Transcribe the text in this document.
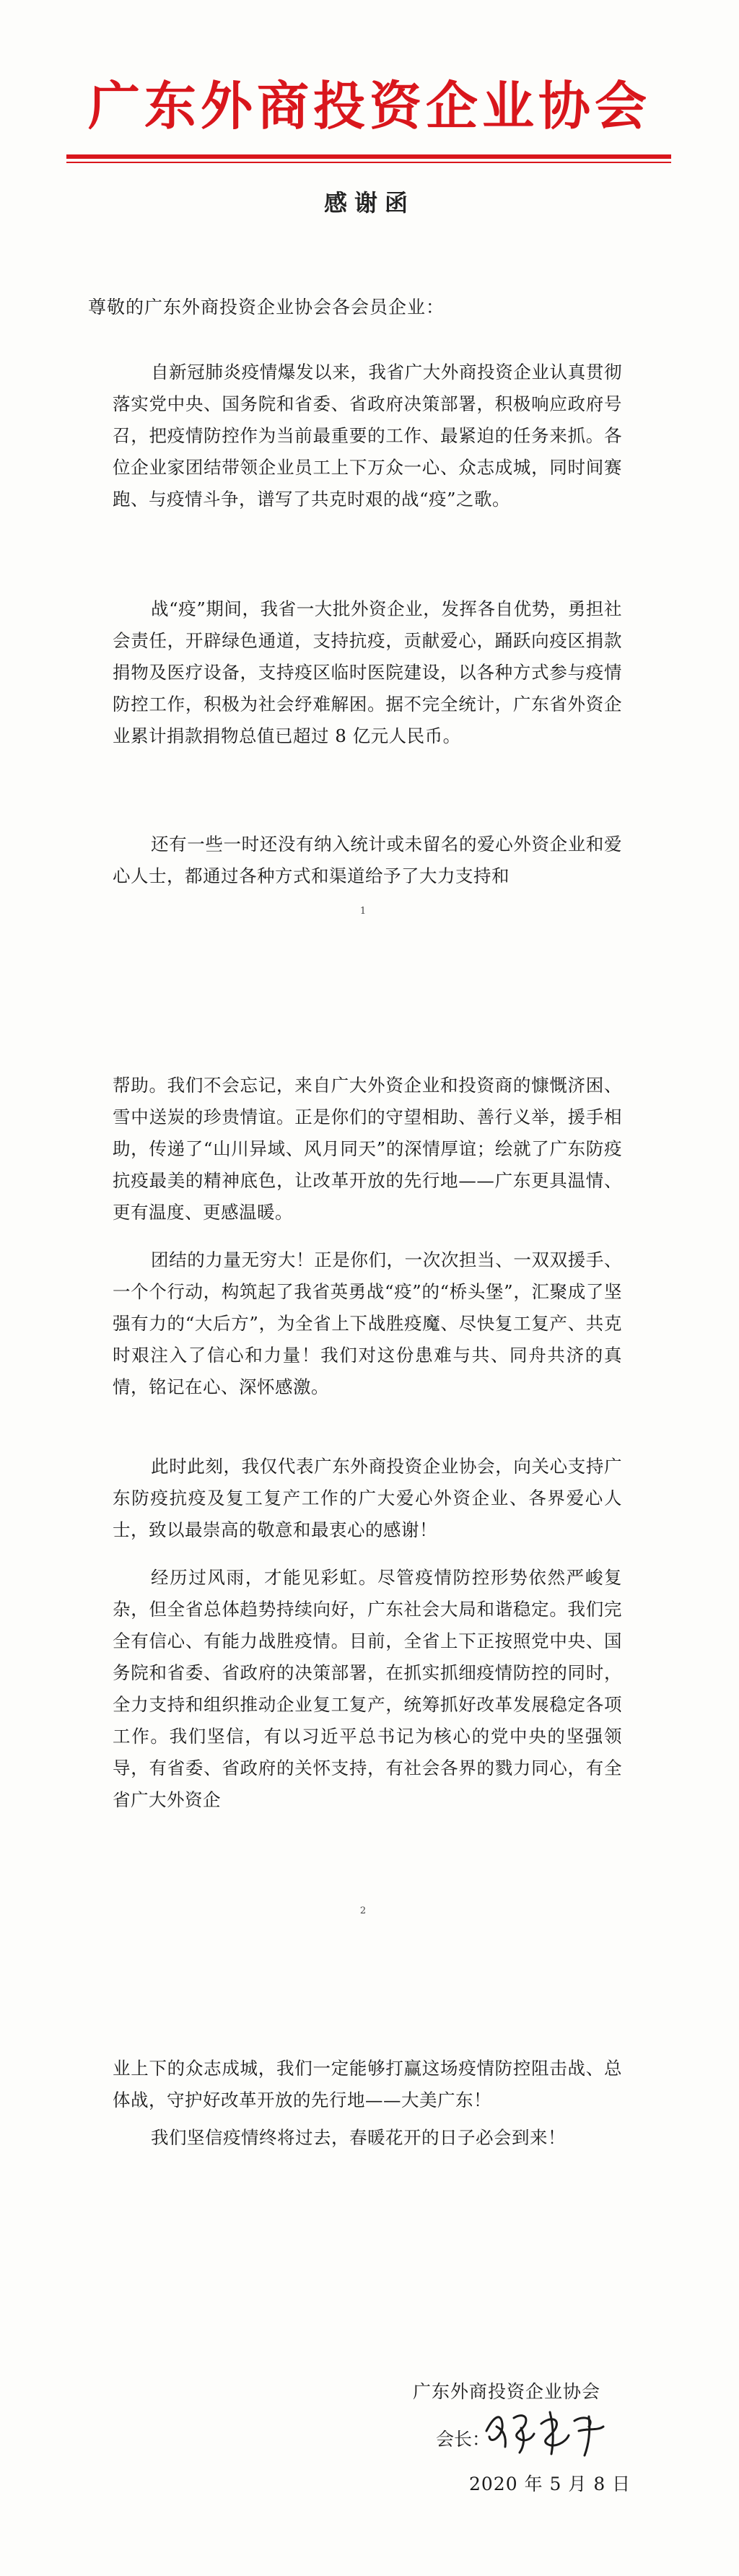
广东外商投资企业协会
感谢函
尊敬的广东外商投资企业协会各会员企业：

自新冠肺炎疫情爆发以来，我省广大外商投资企业认真贯彻落实党中央、国务院和省委、省政府决策部署，积极响应政府号召，把疫情防控作为当前最重要的工作、最紧迫的任务来抓。各位企业家团结带领企业员工上下万众一心、众志成城，同时间赛跑、与疫情斗争，谱写了共克时艰的战“疫”之歌。

战“疫”期间，我省一大批外资企业，发挥各自优势，勇担社会责任，开辟绿色通道，支持抗疫，贡献爱心，踊跃向疫区捐款捐物及医疗设备，支持疫区临时医院建设，以各种方式参与疫情防控工作，积极为社会纾难解困。据不完全统计，广东省外资企业累计捐款捐物总值已超过 8 亿元人民币。

还有一些一时还没有纳入统计或未留名的爱心外资企业和爱心人士，都通过各种方式和渠道给予了大力支持和

1

帮助。我们不会忘记，来自广大外资企业和投资商的慷慨济困、雪中送炭的珍贵情谊。正是你们的守望相助、善行义举，援手相助，传递了“山川异域、风月同天”的深情厚谊；绘就了广东防疫抗疫最美的精神底色，让改革开放的先行地——广东更具温情、更有温度、更感温暖。

团结的力量无穷大！正是你们，一次次担当、一双双援手、一个个行动，构筑起了我省英勇战“疫”的“桥头堡”，汇聚成了坚强有力的“大后方”，为全省上下战胜疫魔、尽快复工复产、共克时艰注入了信心和力量！我们对这份患难与共、同舟共济的真情，铭记在心、深怀感激。

此时此刻，我仅代表广东外商投资企业协会，向关心支持广东防疫抗疫及复工复产工作的广大爱心外资企业、各界爱心人士，致以最崇高的敬意和最衷心的感谢！

经历过风雨，才能见彩虹。尽管疫情防控形势依然严峻复杂，但全省总体趋势持续向好，广东社会大局和谐稳定。我们完全有信心、有能力战胜疫情。目前，全省上下正按照党中央、国务院和省委、省政府的决策部署，在抓实抓细疫情防控的同时，全力支持和组织推动企业复工复产，统筹抓好改革发展稳定各项工作。我们坚信，有以习近平总书记为核心的党中央的坚强领导，有省委、省政府的关怀支持，有社会各界的戮力同心，有全省广大外资企

2

业上下的众志成城，我们一定能够打赢这场疫情防控阻击战、总体战，守护好改革开放的先行地——大美广东！

我们坚信疫情终将过去，春暖花开的日子必会到来！

广东外商投资企业协会
会长：
2020 年 5 月 8 日
